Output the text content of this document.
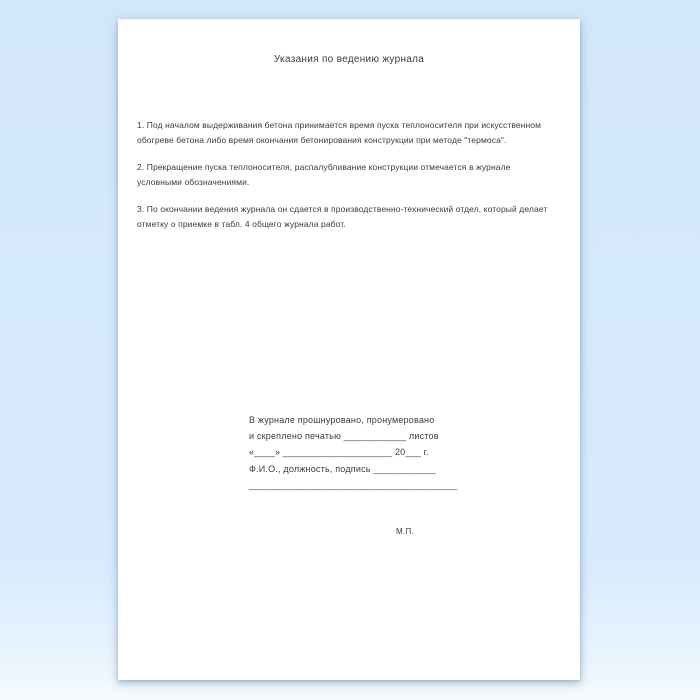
Указания по ведению журнала

1. Под началом выдерживания бетона принимается время пуска теплоносителя при искусственном обогреве бетона либо время окончания бетонирования конструкции при методе "термоса".

2. Прекращение пуска теплоносителя, распалубливание конструкции отмечается в журнале условными обозначениями.

3. По окончании ведения журнала он сдается в производственно-технический отдел, который делает отметку о приемке в табл. 4 общего журнала работ.

В журнале прошнуровано, пронумеровано
и скреплено печатью ____________ листов
«____» _____________________ 20___ г.
Ф.И.О., должность, подпись ____________
________________________________________
М.П.
